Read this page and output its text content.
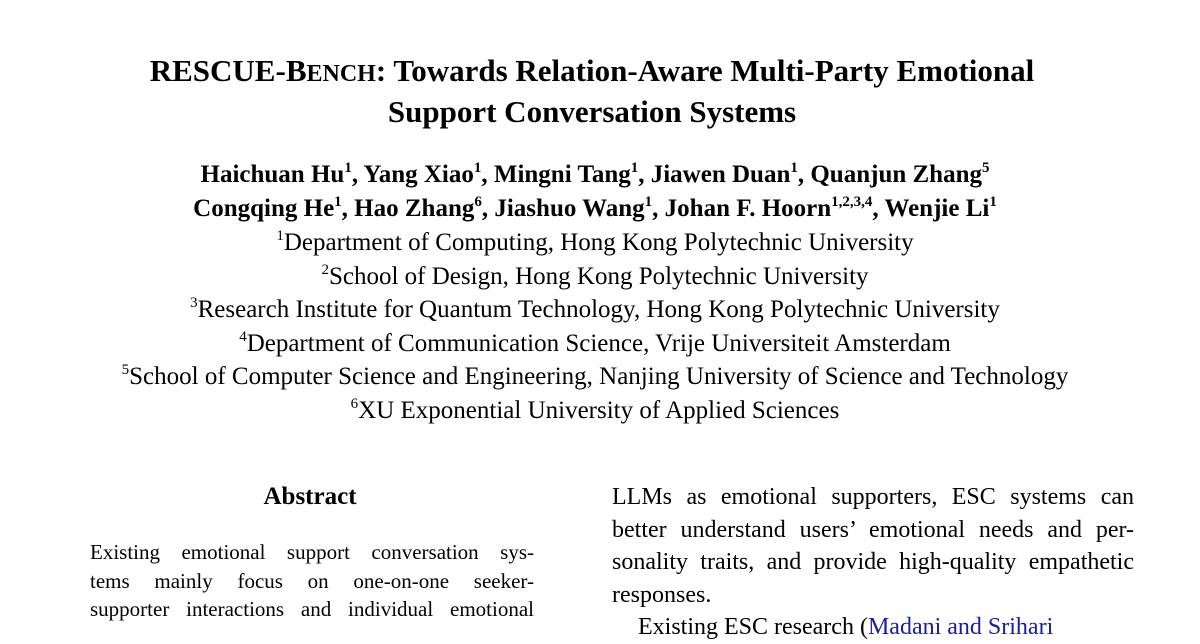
RESCUE-BENCH: Towards Relation-Aware Multi-Party Emotional
Support Conversation Systems
Haichuan Hu$^1$, Yang Xiao$^1$, Mingni Tang$^1$, Jiawen Duan$^1$, Quanjun Zhang$^5$
Congqing He$^1$, Hao Zhang$^6$, Jiashuo Wang$^1$, Johan F. Hoorn$^{1,2,3,4}$, Wenjie Li$^1$
$^1$Department of Computing, Hong Kong Polytechnic University
$^2$School of Design, Hong Kong Polytechnic University
$^3$Research Institute for Quantum Technology, Hong Kong Polytechnic University
$^4$Department of Communication Science, Vrije Universiteit Amsterdam
$^5$School of Computer Science and Engineering, Nanjing University of Science and Technology
$^6$XU Exponential University of Applied Sciences
Abstract
Existing emotional support conversation sys-
tems mainly focus on one-on-one seeker-
supporter interactions and individual emotional
LLMs as emotional supporters, ESC systems can
better understand users’ emotional needs and per-
sonality traits, and provide high-quality empathetic
responses.
Existing ESC research (Madani and Srihari
